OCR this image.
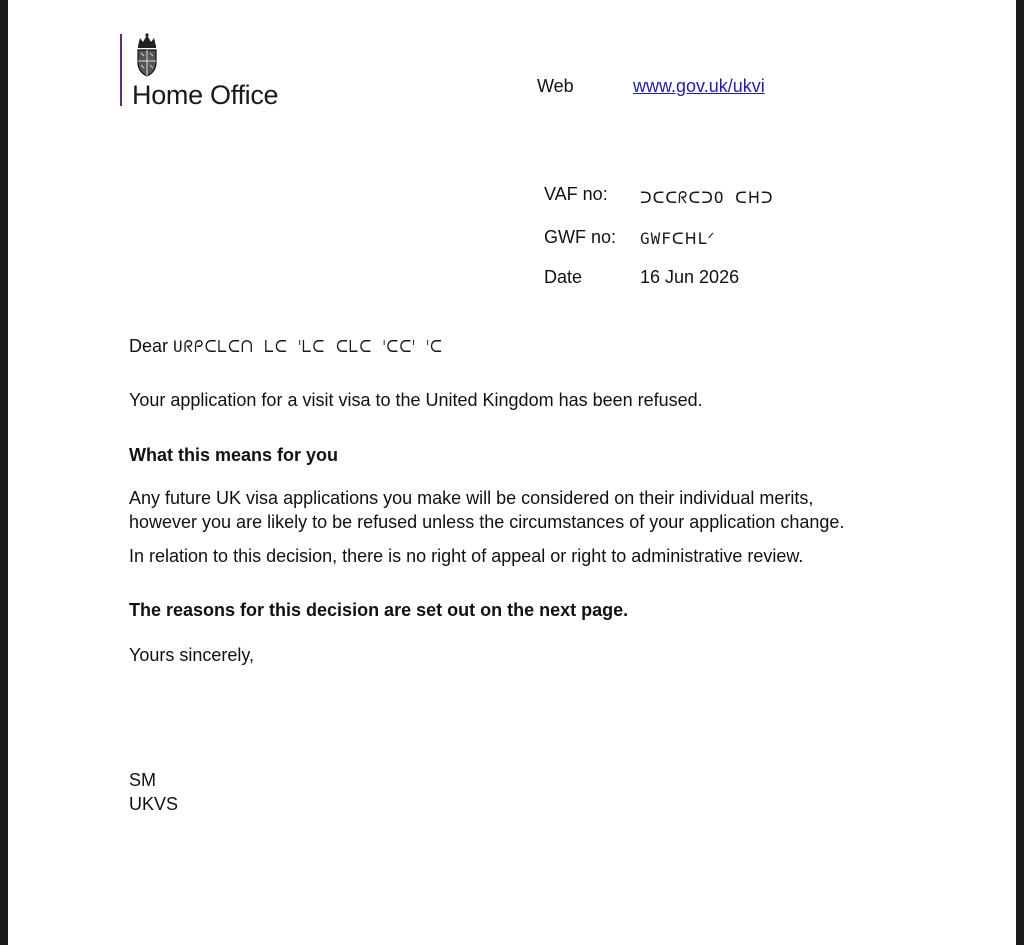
Home Office	Web	www.gov.uk/ukvi
VAF no: ᑐᑕᑕᖇᑕᑐO ᑕᕼᑐ
GWF no: GWFᑕᕼᒪᐟ
Date	16 Jun 2026
Dear Uᖇᑭᑕᒪᑕᑎ ᒪᑕ ᑊᒪᑕ ᑕᒪᑕ ᑊᑕᑕᑊ ᑊᑕ
Your application for a visit visa to the United Kingdom has been refused.
What this means for you
Any future UK visa applications you make will be considered on their individual merits,
however you are likely to be refused unless the circumstances of your application change.
In relation to this decision, there is no right of appeal or right to administrative review.
The reasons for this decision are set out on the next page.
Yours sincerely,
SM
UKVS
